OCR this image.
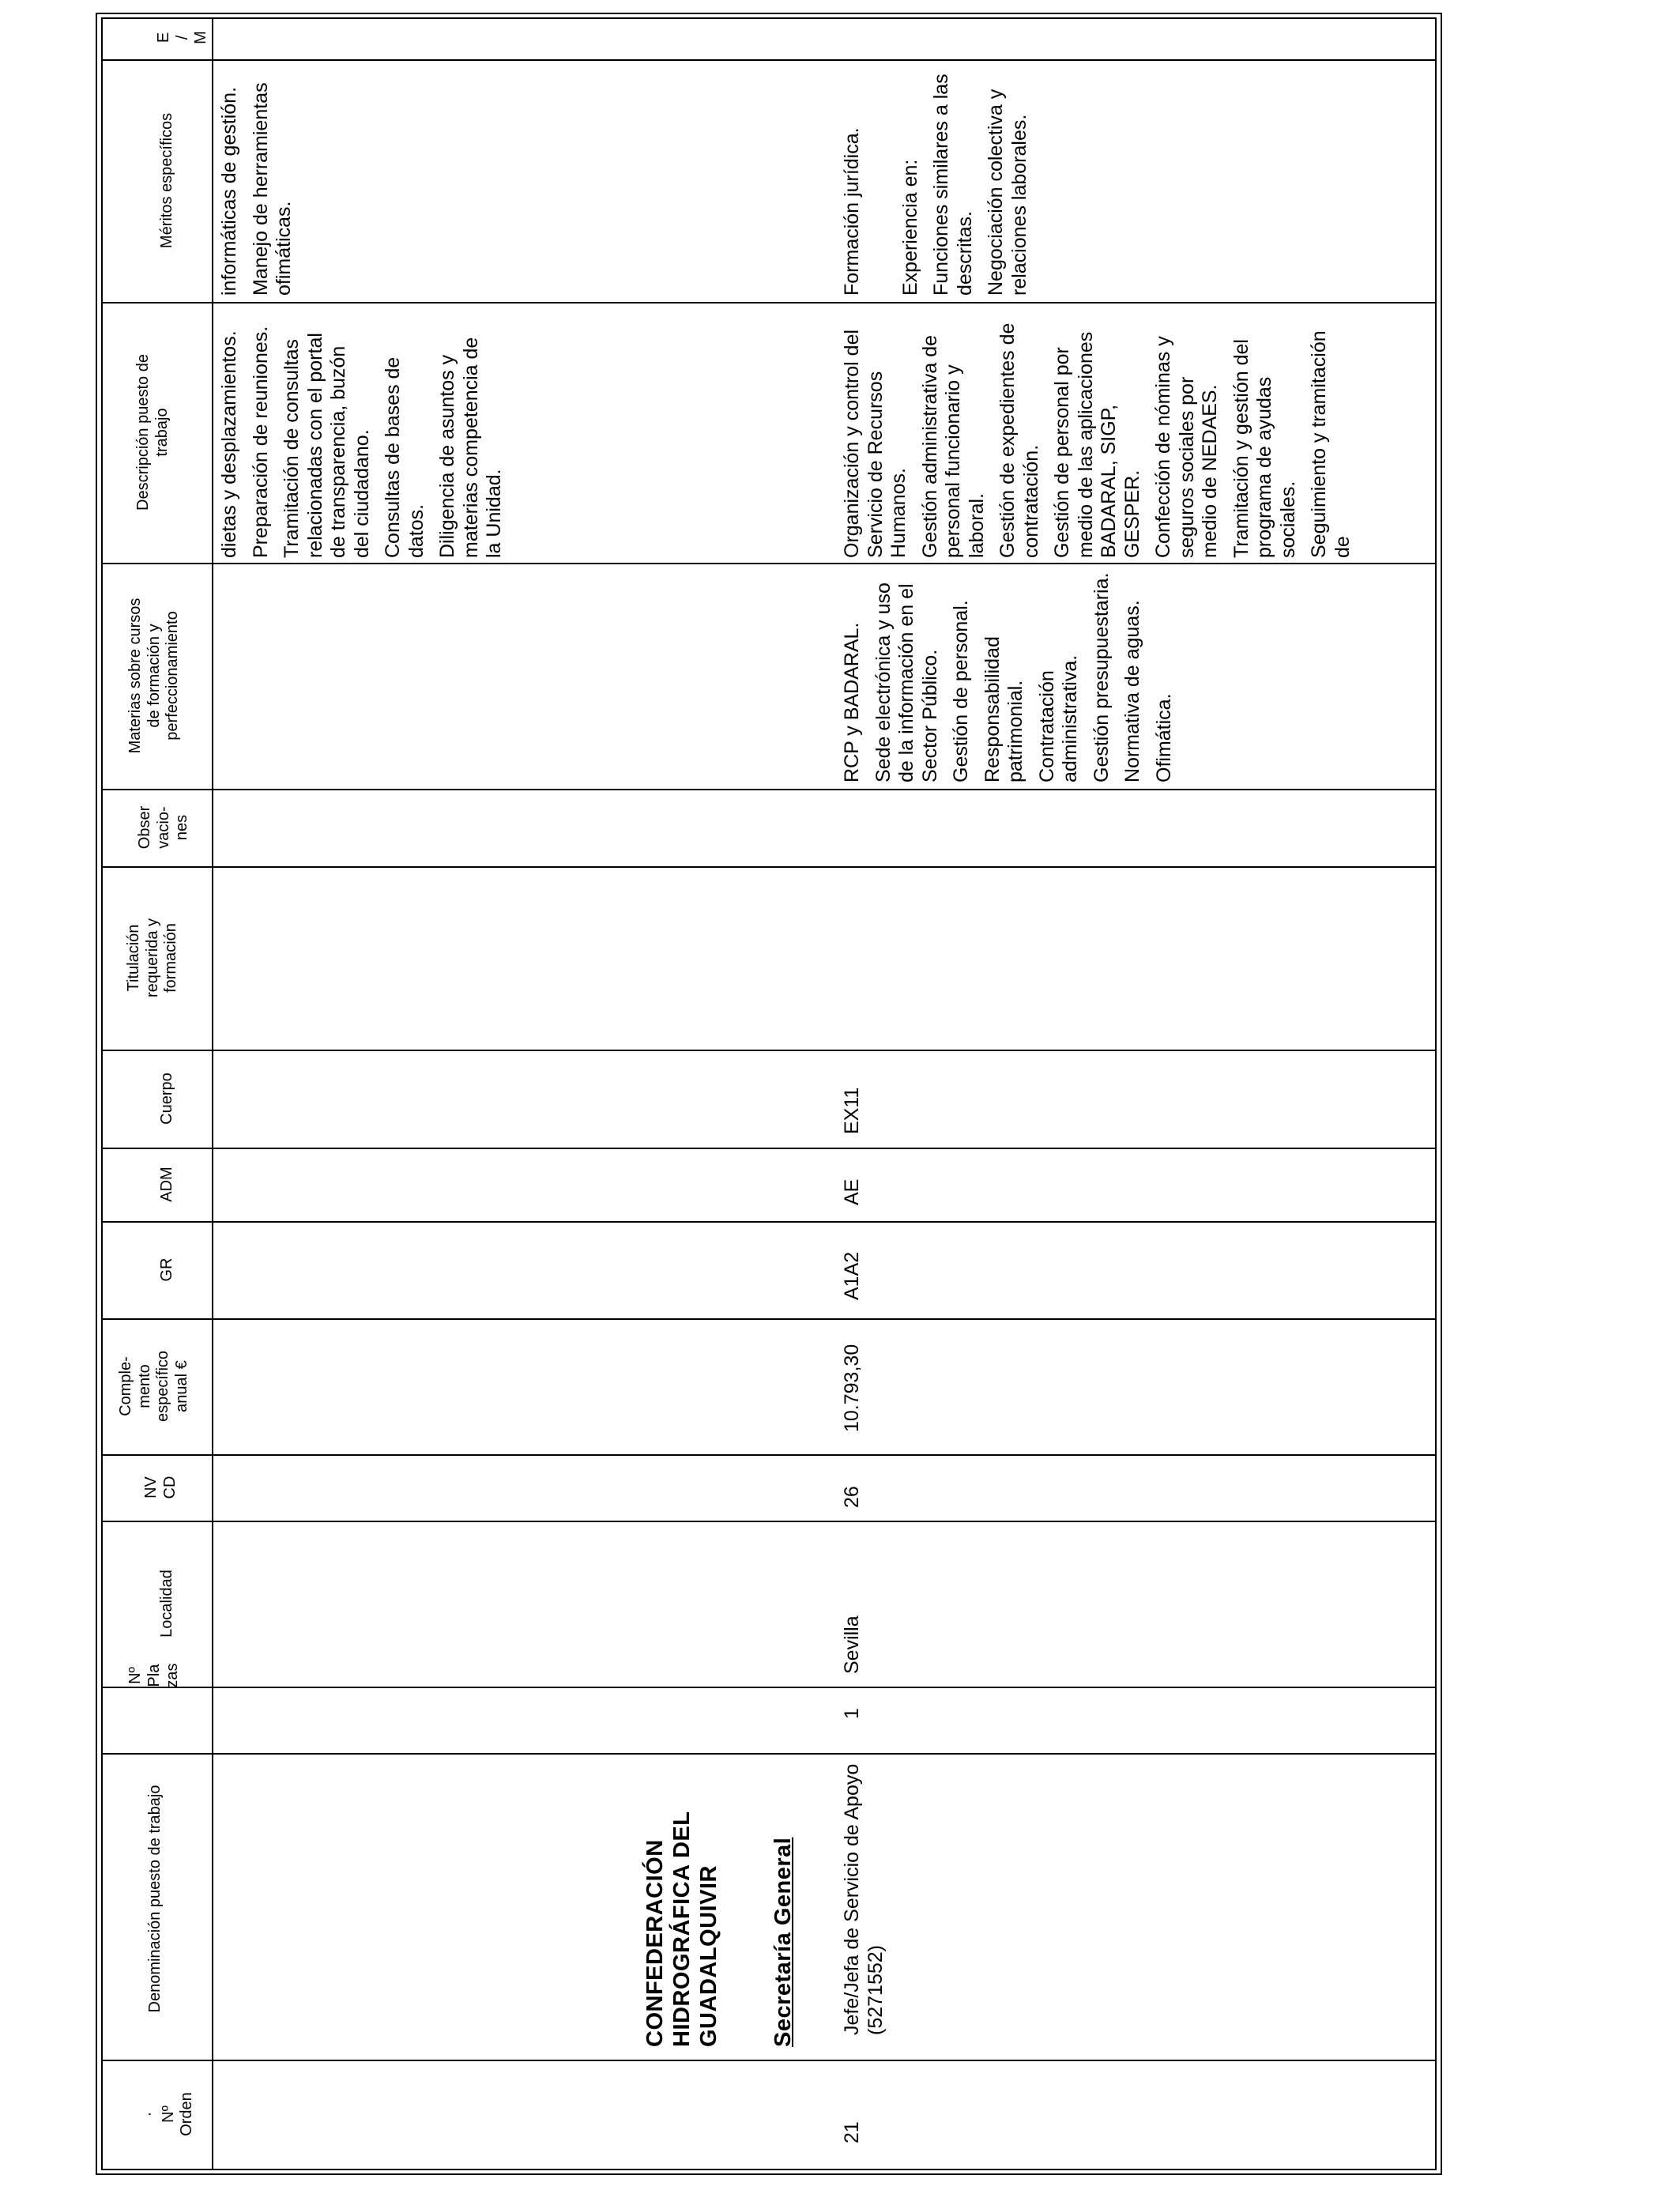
· Nº Orden
Denominación puesto de trabajo
Nº Pla zas
Localidad
NV CD
Comple- mento específico anual €
GR
ADM
Cuerpo
Titulación requerida y formación
Obser vacio- nes
Materias sobre cursos de formación y perfeccionamiento
Descripción puesto de trabajo
Méritos específicos
E / M

dietas y desplazamientos. Preparación de reuniones. Tramitación de consultas relacionadas con el portal de transparencia, buzón del ciudadano. Consultas de bases de datos. Diligencia de asuntos y materias competencia de la Unidad.

informáticas de gestión. Manejo de herramientas ofimáticas.

CONFEDERACIÓN HIDROGRÁFICA DEL GUADALQUIVIR Secretaría General
21
Jefe/Jefa de Servicio de Apoyo (5271552)
1
Sevilla
26
10.793,30
A1A2
AE
EX11

RCP y BADARAL. Sede electrónica y uso de la información en el Sector Público. Gestión de personal. Responsabilidad patrimonial. Contratación administrativa. Gestión presupuestaria. Normativa de aguas. Ofimática.

Organización y control del Servicio de Recursos Humanos. Gestión administrativa de personal funcionario y laboral. Gestión de expedientes de contratación. Gestión de personal por medio de las aplicaciones BADARAL, SIGP, GESPER. Confección de nóminas y seguros sociales por medio de NEDAES. Tramitación y gestión del programa de ayudas sociales. Seguimiento y tramitación de

Formación jurídica. Experiencia en: Funciones similares a las descritas. Negociación colectiva y relaciones laborales.
